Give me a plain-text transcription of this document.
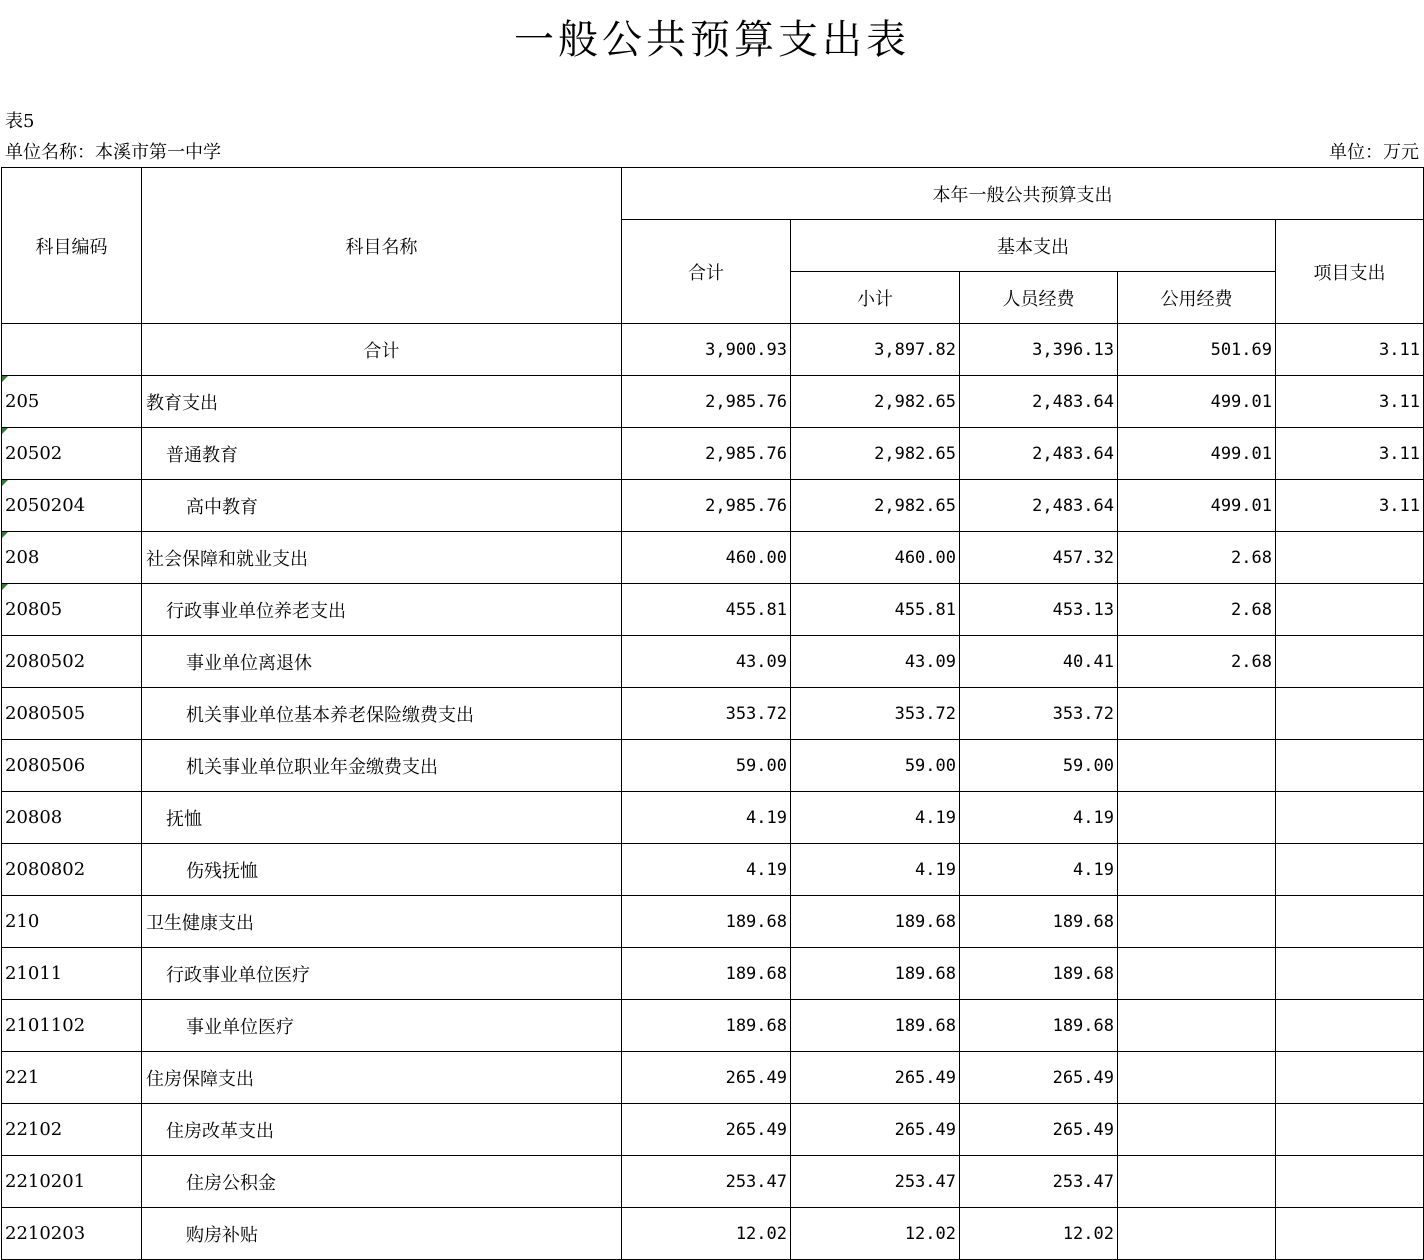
一般公共预算支出表
表5
单位名称：本溪市第一中学	单位：万元
科目编码	科目名称	本年一般公共预算支出				
		合计	基本支出			项目支出
			小计	人员经费	公用经费	
	合计	3,900.93	3,897.82	3,396.13	501.69	3.11
205	教育支出	2,985.76	2,982.65	2,483.64	499.01	3.11
20502	普通教育	2,985.76	2,982.65	2,483.64	499.01	3.11
2050204	高中教育	2,985.76	2,982.65	2,483.64	499.01	3.11
208	社会保障和就业支出	460.00	460.00	457.32	2.68	
20805	行政事业单位养老支出	455.81	455.81	453.13	2.68	
2080502	事业单位离退休	43.09	43.09	40.41	2.68	
2080505	机关事业单位基本养老保险缴费支出	353.72	353.72	353.72		
2080506	机关事业单位职业年金缴费支出	59.00	59.00	59.00		
20808	抚恤	4.19	4.19	4.19		
2080802	伤残抚恤	4.19	4.19	4.19		
210	卫生健康支出	189.68	189.68	189.68		
21011	行政事业单位医疗	189.68	189.68	189.68		
2101102	事业单位医疗	189.68	189.68	189.68		
221	住房保障支出	265.49	265.49	265.49		
22102	住房改革支出	265.49	265.49	265.49		
2210201	住房公积金	253.47	253.47	253.47		
2210203	购房补贴	12.02	12.02	12.02		
